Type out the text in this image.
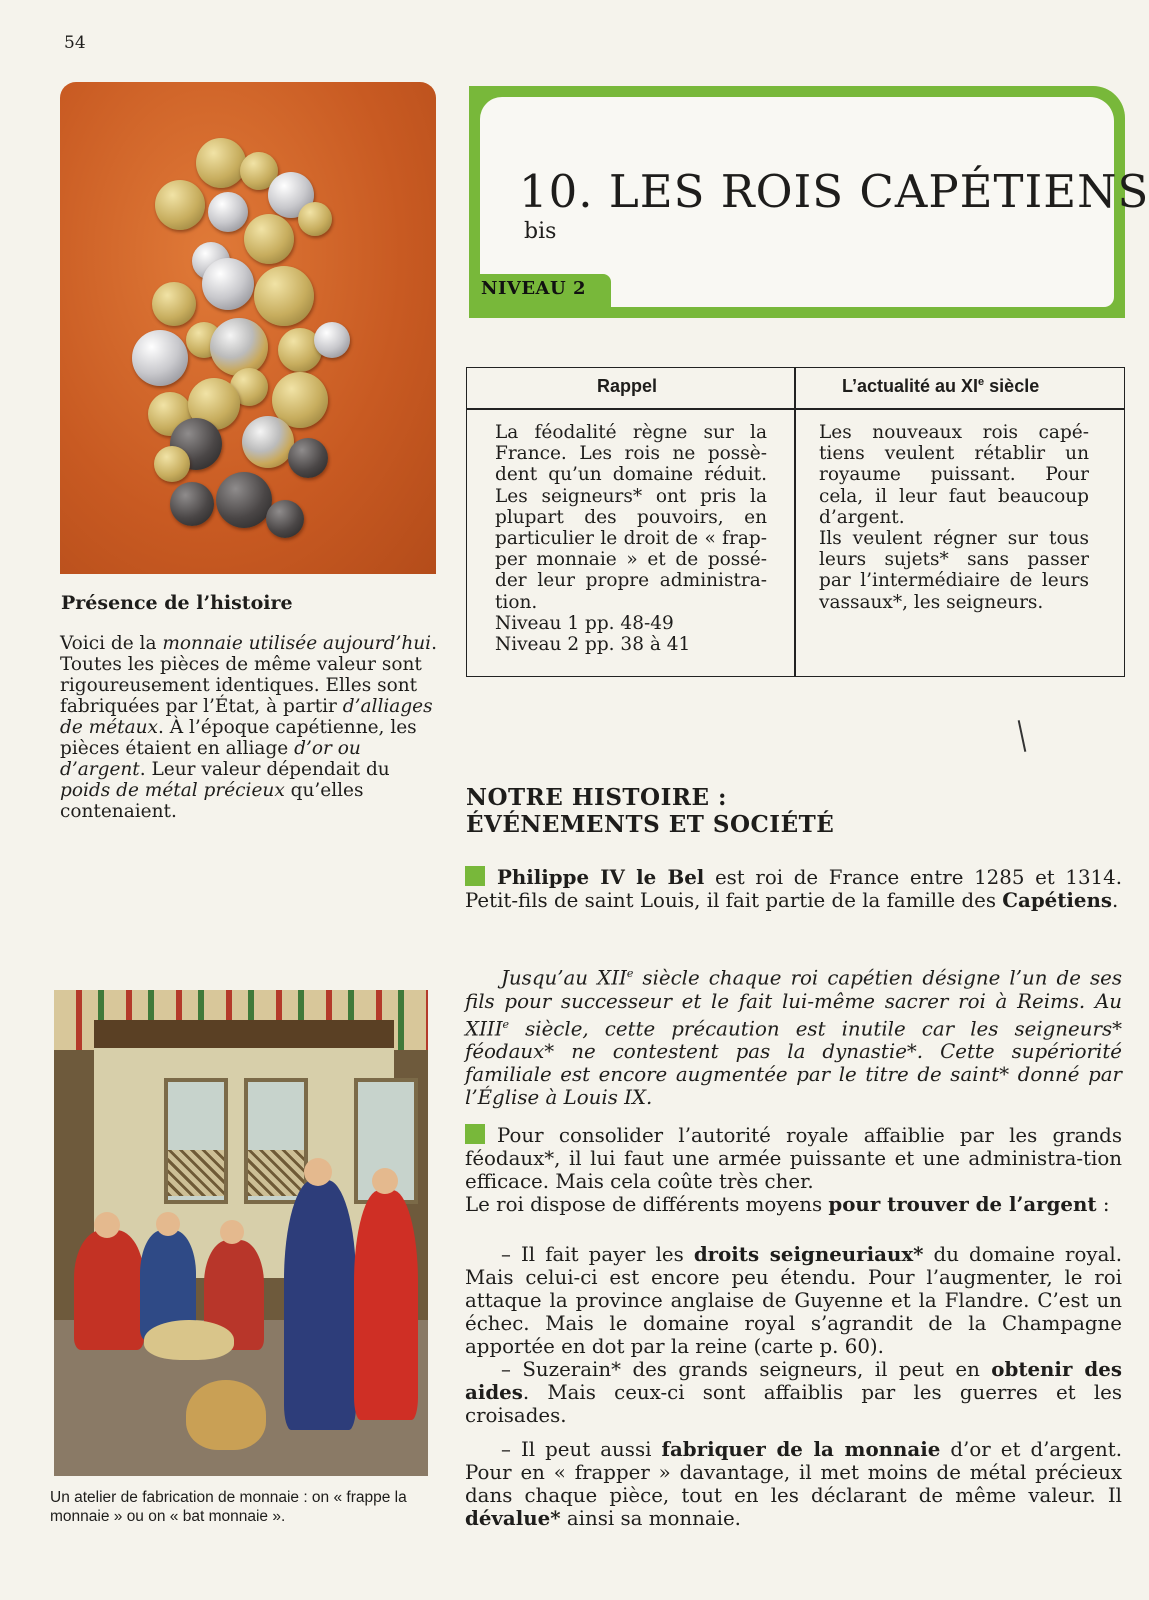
54
Présence de l’histoire
Voici de la monnaie utilisée aujourd’hui. Toutes les pièces de même valeur sont rigoureusement identiques. Elles sont fabriquées par l’État, à partir d’alliages de métaux. À l’époque capétienne, les pièces étaient en alliage d’or ou d’argent. Leur valeur dépendait du poids de métal précieux qu’elles contenaient.
Un atelier de fabrication de monnaie : on « frappe la monnaie » ou on « bat monnaie ».
10. LES ROIS CAPÉTIENS
bis
NIVEAU 2
Rappel	L’actualité au XIe siècle
La féodalité règne sur la France. Les rois ne possè-dent qu’un domaine réduit. Les seigneurs* ont pris la plupart des pouvoirs, en particulier le droit de « frap-per monnaie » et de possé-der leur propre administra-tion.
Niveau 1 pp. 48-49
Niveau 2 pp. 38 à 41
Les nouveaux rois capé-tiens veulent rétablir un royaume puissant. Pour cela, il leur faut beaucoup d’argent.
Ils veulent régner sur tous leurs sujets* sans passer par l’intermédiaire de leurs vassaux*, les seigneurs.
NOTRE HISTOIRE :
ÉVÉNEMENTS ET SOCIÉTÉ
Philippe IV le Bel est roi de France entre 1285 et 1314. Petit-fils de saint Louis, il fait partie de la famille des Capétiens.
Jusqu’au XIIe siècle chaque roi capétien désigne l’un de ses fils pour successeur et le fait lui-même sacrer roi à Reims. Au XIIIe siècle, cette précaution est inutile car les seigneurs* féodaux* ne contestent pas la dynastie*. Cette supériorité familiale est encore augmentée par le titre de saint* donné par l’Église à Louis IX.
Pour consolider l’autorité royale affaiblie par les grands féodaux*, il lui faut une armée puissante et une administra-tion efficace. Mais cela coûte très cher.
Le roi dispose de différents moyens pour trouver de l’argent :
– Il fait payer les droits seigneuriaux* du domaine royal. Mais celui-ci est encore peu étendu. Pour l’augmenter, le roi attaque la province anglaise de Guyenne et la Flandre. C’est un échec. Mais le domaine royal s’agrandit de la Champagne apportée en dot par la reine (carte p. 60).
– Suzerain* des grands seigneurs, il peut en obtenir des aides. Mais ceux-ci sont affaiblis par les guerres et les croisades.
– Il peut aussi fabriquer de la monnaie d’or et d’argent. Pour en « frapper » davantage, il met moins de métal précieux dans chaque pièce, tout en les déclarant de même valeur. Il dévalue* ainsi sa monnaie.
